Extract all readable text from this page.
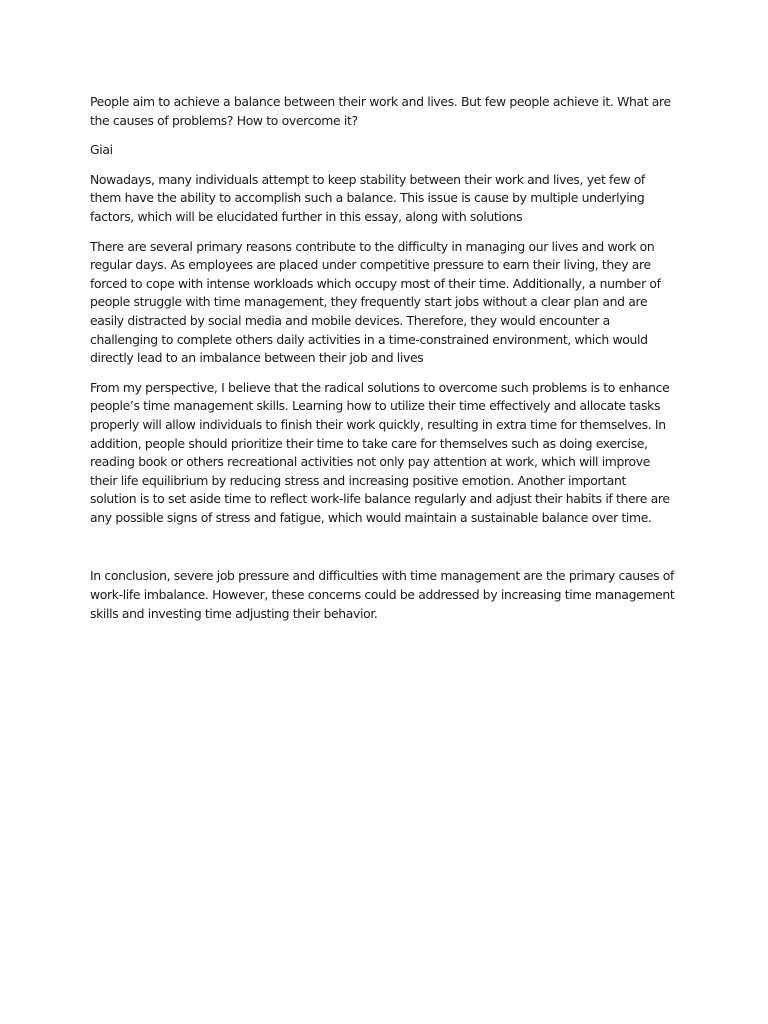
People aim to achieve a balance between their work and lives. But few people achieve it. What are the causes of problems? How to overcome it?

Giai

Nowadays, many individuals attempt to keep stability between their work and lives, yet few of them have the ability to accomplish such a balance. This issue is cause by multiple underlying factors, which will be elucidated further in this essay, along with solutions

There are several primary reasons contribute to the difficulty in managing our lives and work on regular days. As employees are placed under competitive pressure to earn their living, they are forced to cope with intense workloads which occupy most of their time. Additionally, a number of people struggle with time management, they frequently start jobs without a clear plan and are easily distracted by social media and mobile devices. Therefore, they would encounter a challenging to complete others daily activities in a time-constrained environment, which would directly lead to an imbalance between their job and lives

From my perspective, I believe that the radical solutions to overcome such problems is to enhance people’s time management skills. Learning how to utilize their time effectively and allocate tasks properly will allow individuals to finish their work quickly, resulting in extra time for themselves. In addition, people should prioritize their time to take care for themselves such as doing exercise, reading book or others recreational activities not only pay attention at work, which will improve their life equilibrium by reducing stress and increasing positive emotion. Another important solution is to set aside time to reflect work-life balance regularly and adjust their habits if there are any possible signs of stress and fatigue, which would maintain a sustainable balance over time.

In conclusion, severe job pressure and difficulties with time management are the primary causes of work-life imbalance. However, these concerns could be addressed by increasing time management skills and investing time adjusting their behavior.
